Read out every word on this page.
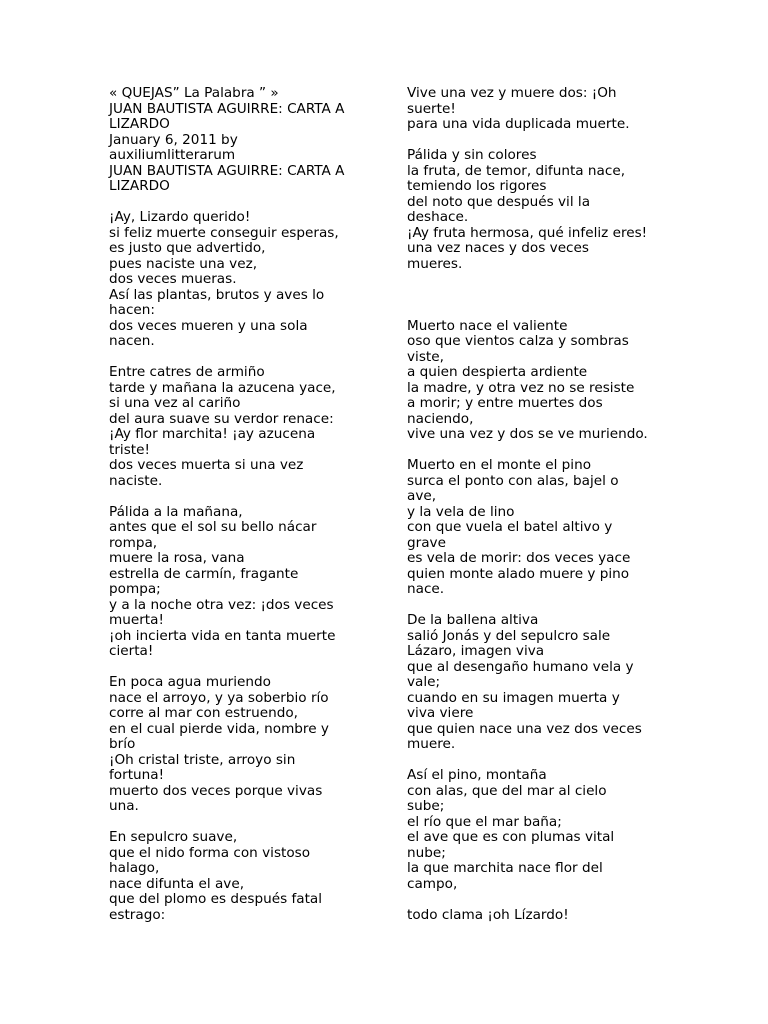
« QUEJAS” La Palabra ” »
JUAN BAUTISTA AGUIRRE: CARTA A
LIZARDO
January 6, 2011 by
auxiliumlitterarum
JUAN BAUTISTA AGUIRRE: CARTA A
LIZARDO
¡Ay, Lizardo querido!
si feliz muerte conseguir esperas,
es justo que advertido,
pues naciste una vez,
dos veces mueras.
Así las plantas, brutos y aves lo
hacen:
dos veces mueren y una sola
nacen.
Entre catres de armiño
tarde y mañana la azucena yace,
si una vez al cariño
del aura suave su verdor renace:
¡Ay flor marchita! ¡ay azucena
triste!
dos veces muerta si una vez
naciste.
Pálida a la mañana,
antes que el sol su bello nácar
rompa,
muere la rosa, vana
estrella de carmín, fragante
pompa;
y a la noche otra vez: ¡dos veces
muerta!
¡oh incierta vida en tanta muerte
cierta!
En poca agua muriendo
nace el arroyo, y ya soberbio río
corre al mar con estruendo,
en el cual pierde vida, nombre y
brío
¡Oh cristal triste, arroyo sin
fortuna!
muerto dos veces porque vivas
una.
En sepulcro suave,
que el nido forma con vistoso
halago,
nace difunta el ave,
que del plomo es después fatal
estrago:
Vive una vez y muere dos: ¡Oh
suerte!
para una vida duplicada muerte.
Pálida y sin colores
la fruta, de temor, difunta nace,
temiendo los rigores
del noto que después vil la
deshace.
¡Ay fruta hermosa, qué infeliz eres!
una vez naces y dos veces
mueres.
Muerto nace el valiente
oso que vientos calza y sombras
viste,
a quien despierta ardiente
la madre, y otra vez no se resiste
a morir; y entre muertes dos
naciendo,
vive una vez y dos se ve muriendo.
Muerto en el monte el pino
surca el ponto con alas, bajel o
ave,
y la vela de lino
con que vuela el batel altivo y
grave
es vela de morir: dos veces yace
quien monte alado muere y pino
nace.
De la ballena altiva
salió Jonás y del sepulcro sale
Lázaro, imagen viva
que al desengaño humano vela y
vale;
cuando en su imagen muerta y
viva viere
que quien nace una vez dos veces
muere.
Así el pino, montaña
con alas, que del mar al cielo
sube;
el río que el mar baña;
el ave que es con plumas vital
nube;
la que marchita nace flor del
campo,
todo clama ¡oh Lízardo!
